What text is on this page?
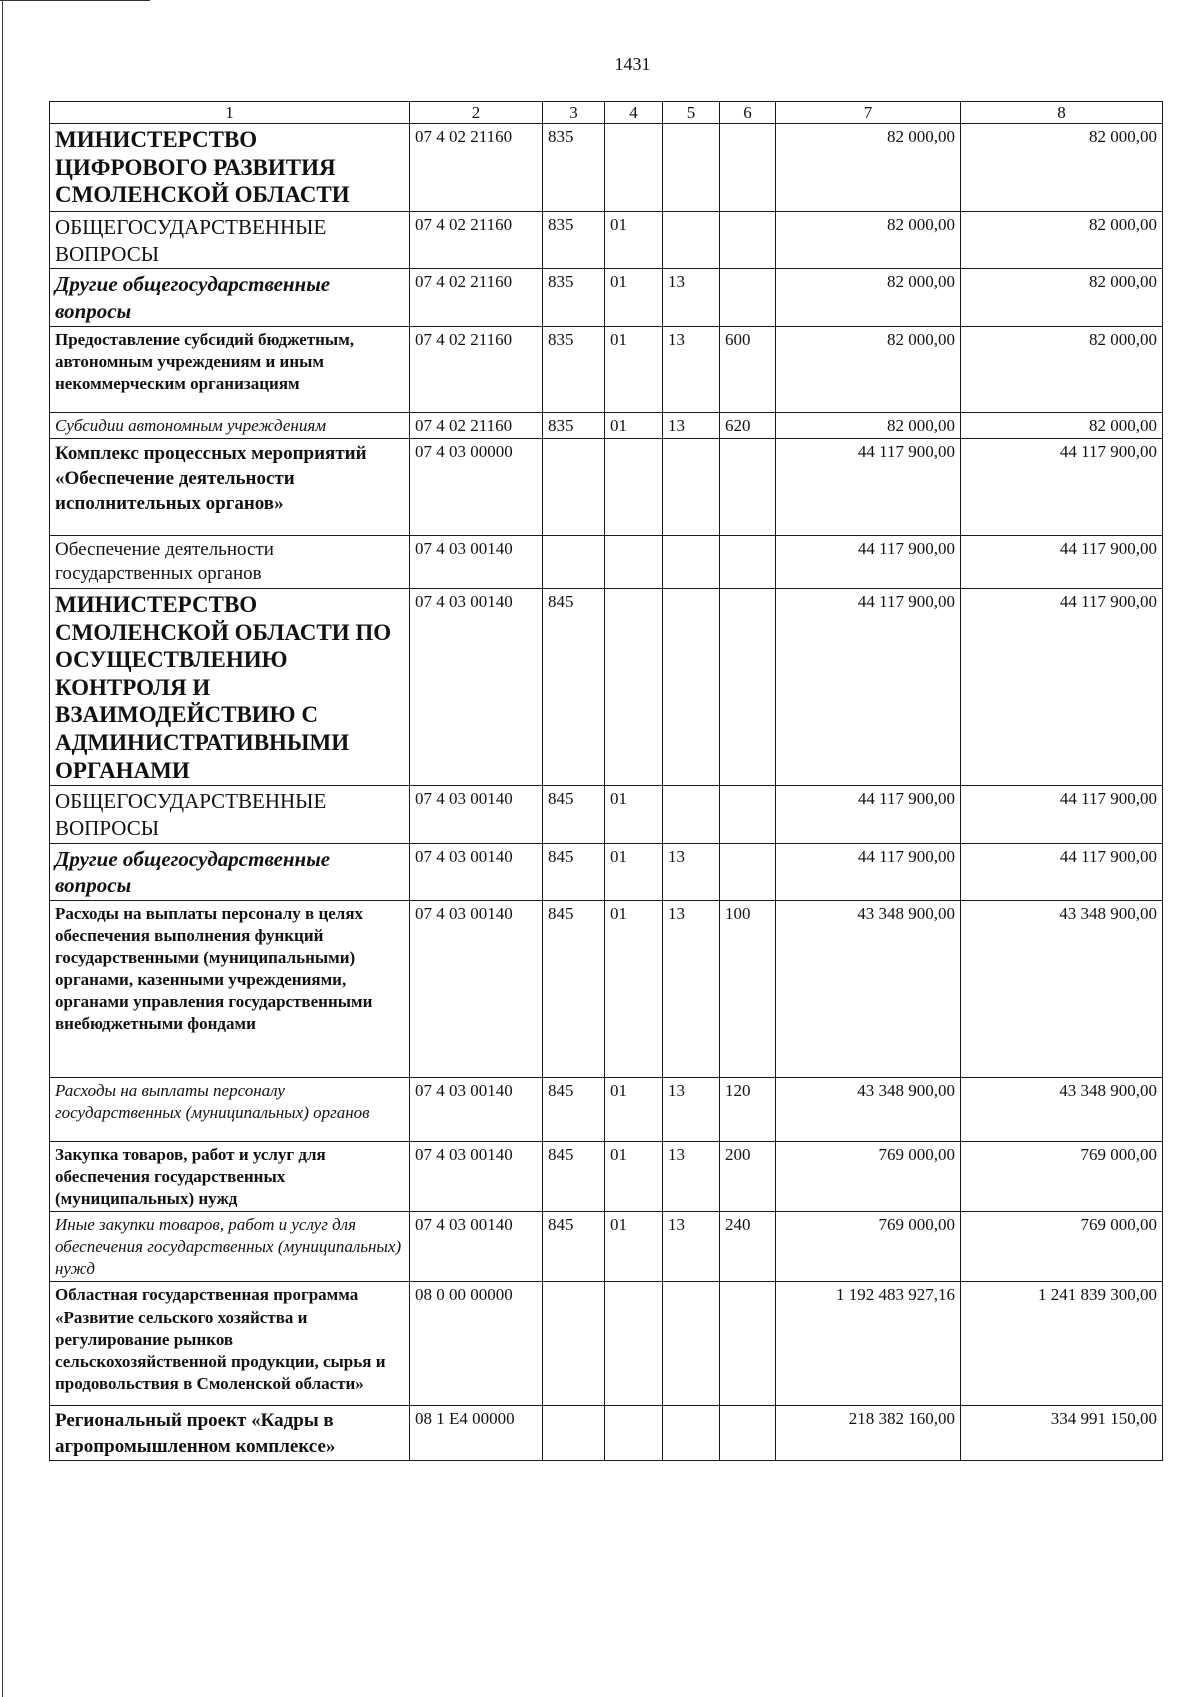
1431
1	2	3	4	5	6	7	8
МИНИСТЕРСТВО ЦИФРОВОГО РАЗВИТИЯ СМОЛЕНСКОЙ ОБЛАСТИ	07 4 02 21160	835				82 000,00	82 000,00
ОБЩЕГОСУДАРСТВЕННЫЕ ВОПРОСЫ	07 4 02 21160	835	01			82 000,00	82 000,00
Другие общегосударственные вопросы	07 4 02 21160	835	01	13		82 000,00	82 000,00
Предоставление субсидий бюджетным, автономным учреждениям и иным некоммерческим организациям	07 4 02 21160	835	01	13	600	82 000,00	82 000,00
Субсидии автономным учреждениям	07 4 02 21160	835	01	13	620	82 000,00	82 000,00
Комплекс процессных мероприятий «Обеспечение деятельности исполнительных органов»	07 4 03 00000					44 117 900,00	44 117 900,00
Обеспечение деятельности государственных органов	07 4 03 00140					44 117 900,00	44 117 900,00
МИНИСТЕРСТВО СМОЛЕНСКОЙ ОБЛАСТИ ПО ОСУЩЕСТВЛЕНИЮ КОНТРОЛЯ И ВЗАИМОДЕЙСТВИЮ С АДМИНИСТРАТИВНЫМИ ОРГАНАМИ	07 4 03 00140	845				44 117 900,00	44 117 900,00
ОБЩЕГОСУДАРСТВЕННЫЕ ВОПРОСЫ	07 4 03 00140	845	01			44 117 900,00	44 117 900,00
Другие общегосударственные вопросы	07 4 03 00140	845	01	13		44 117 900,00	44 117 900,00
Расходы на выплаты персоналу в целях обеспечения выполнения функций государственными (муниципальными) органами, казенными учреждениями, органами управления государственными внебюджетными фондами	07 4 03 00140	845	01	13	100	43 348 900,00	43 348 900,00
Расходы на выплаты персоналу государственных (муниципальных) органов	07 4 03 00140	845	01	13	120	43 348 900,00	43 348 900,00
Закупка товаров, работ и услуг для обеспечения государственных (муниципальных) нужд	07 4 03 00140	845	01	13	200	769 000,00	769 000,00
Иные закупки товаров, работ и услуг для обеспечения государственных (муниципальных) нужд	07 4 03 00140	845	01	13	240	769 000,00	769 000,00
Областная государственная программа «Развитие сельского хозяйства и регулирование рынков сельскохозяйственной продукции, сырья и продовольствия в Смоленской области»	08 0 00 00000					1 192 483 927,16	1 241 839 300,00
Региональный проект «Кадры в агропромышленном комплексе»	08 1 Е4 00000					218 382 160,00	334 991 150,00
